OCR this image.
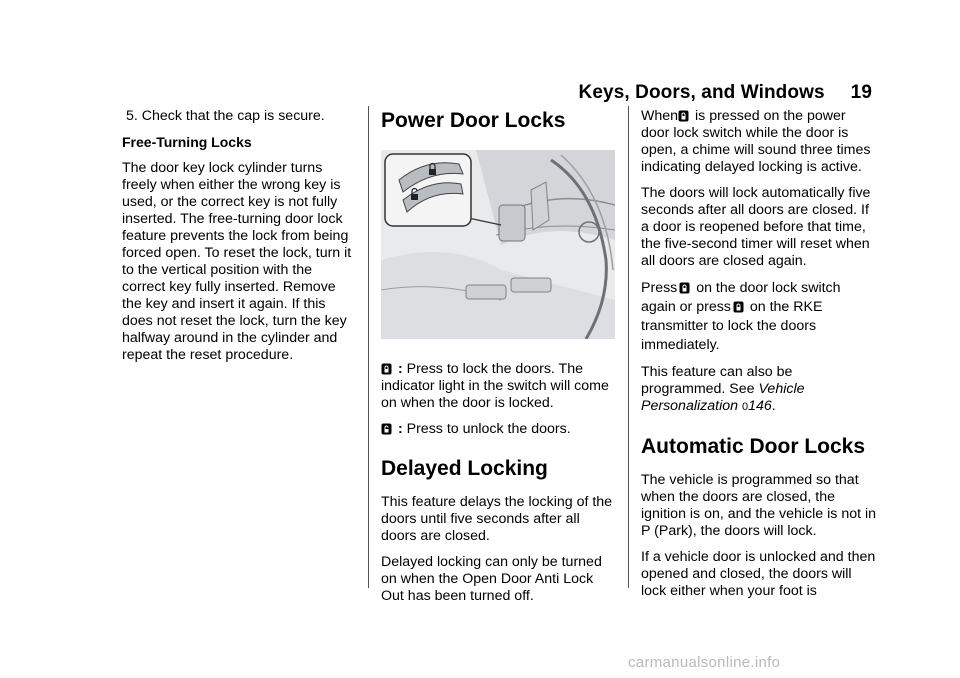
Keys, Doors, and Windows 19

5. Check that the cap is secure.

Free-Turning Locks

The door key lock cylinder turns freely when either the wrong key is used, or the correct key is not fully inserted. The free-turning door lock feature prevents the lock from being forced open. To reset the lock, turn it to the vertical position with the correct key fully inserted. Remove the key and insert it again. If this does not reset the lock, turn the key halfway around in the cylinder and repeat the reset procedure.

Power Door Locks

: Press to lock the doors. The indicator light in the switch will come on when the door is locked.

: Press to unlock the doors.

Delayed Locking

This feature delays the locking of the doors until five seconds after all doors are closed.

Delayed locking can only be turned on when the Open Door Anti Lock Out has been turned off.

When
is pressed on the power door lock switch while the door is open, a chime will sound three times indicating delayed locking is active.

The doors will lock automatically five seconds after all doors are closed. If a door is reopened before that time, the five-second timer will reset when all doors are closed again.

Press
on the door lock switch again or press
on the RKE transmitter to lock the doors immediately.

This feature can also be programmed. See Vehicle Personalization 0146.

Automatic Door Locks

The vehicle is programmed so that when the doors are closed, the ignition is on, and the vehicle is not in P (Park), the doors will lock.

If a vehicle door is unlocked and then opened and closed, the doors will lock either when your foot is

carmanualsonline.info
